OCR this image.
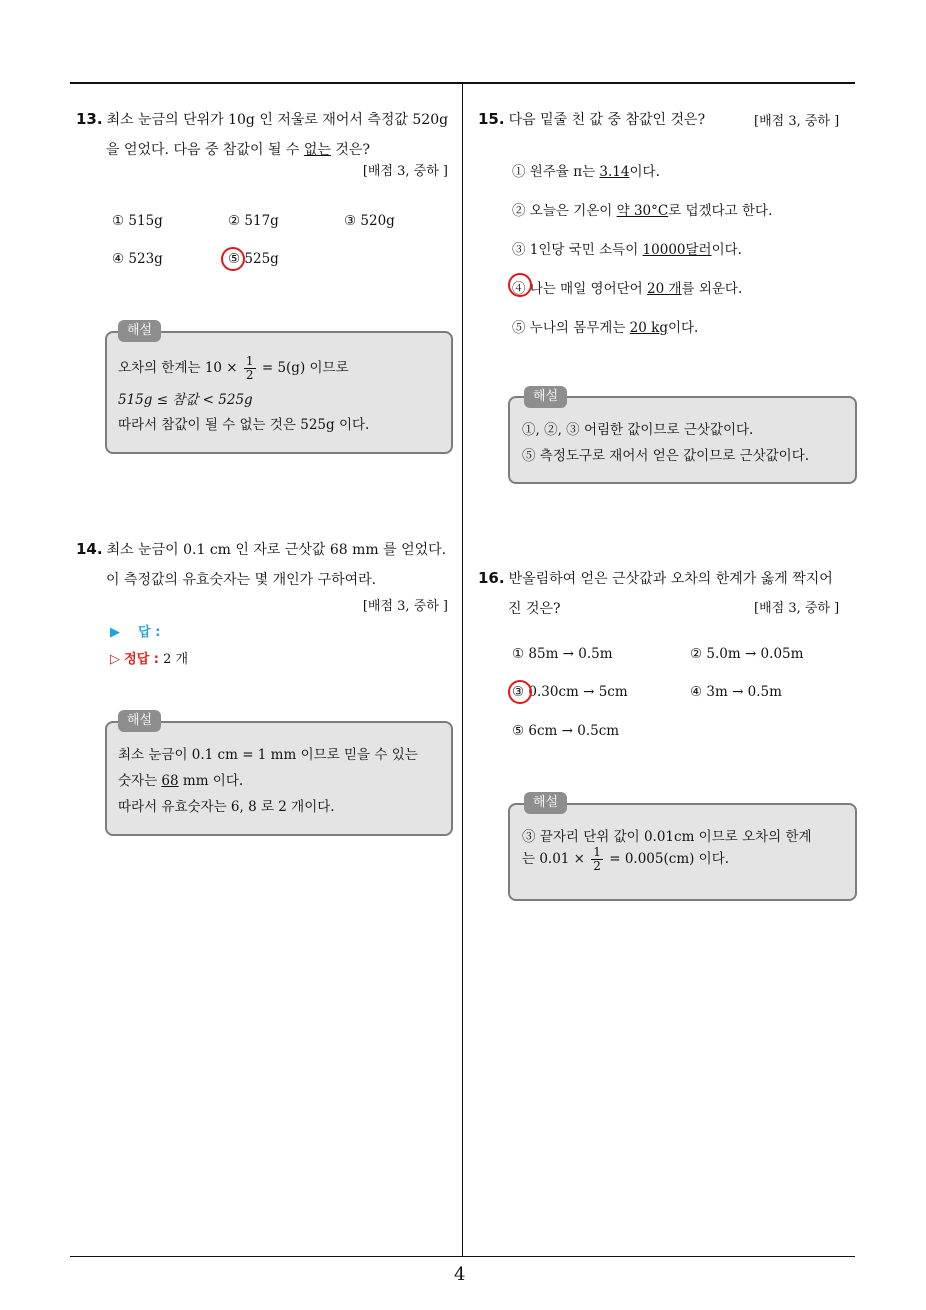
13. 최소 눈금의 단위가 10g 인 저울로 재어서 측정값 520g
을 얻었다. 다음 중 참값이 될 수 없는 것은?
[배점 3, 중하 ]
① 515g	② 517g	③ 520g
④ 523g	⑤ 525g
해설
오차의 한계는 $10 \times \frac{1}{2} = 5(g)$ 이므로
515g ≤ 참값 < 525g
따라서 참값이 될 수 없는 것은 525g 이다.
14. 최소 눈금이 0.1 cm 인 자로 근삿값 68 mm 를 얻었다.
이 측정값의 유효숫자는 몇 개인가 구하여라.
[배점 3, 중하 ]
▶ 답 :
▷ 정답 : 2 개
해설
최소 눈금이 0.1 cm = 1 mm 이므로 믿을 수 있는
숫자는 68 mm 이다.
따라서 유효숫자는 6, 8 로 2 개이다.
15. 다음 밑줄 친 값 중 참값인 것은?	[배점 3, 중하 ]
① 원주율 π는 3.14이다.
② 오늘은 기온이 약 30°C로 덥겠다고 한다.
③ 1인당 국민 소득이 10000달러이다.
④ 나는 매일 영어단어 20 개를 외운다.
⑤ 누나의 몸무게는 20 kg이다.
해설
①, ②, ③ 어림한 값이므로 근삿값이다.
⑤ 측정도구로 재어서 얻은 값이므로 근삿값이다.
16. 반올림하여 얻은 근삿값과 오차의 한계가 옳게 짝지어
진 것은?	[배점 3, 중하 ]
① 85m → 0.5m	② 5.0m → 0.05m
③ 0.30cm → 5cm	④ 3m → 0.5m
⑤ 6cm → 0.5cm
해설
③ 끝자리 단위 값이 0.01cm 이므로 오차의 한계
는 $0.01 \times \frac{1}{2} = 0.005(cm)$ 이다.
4
